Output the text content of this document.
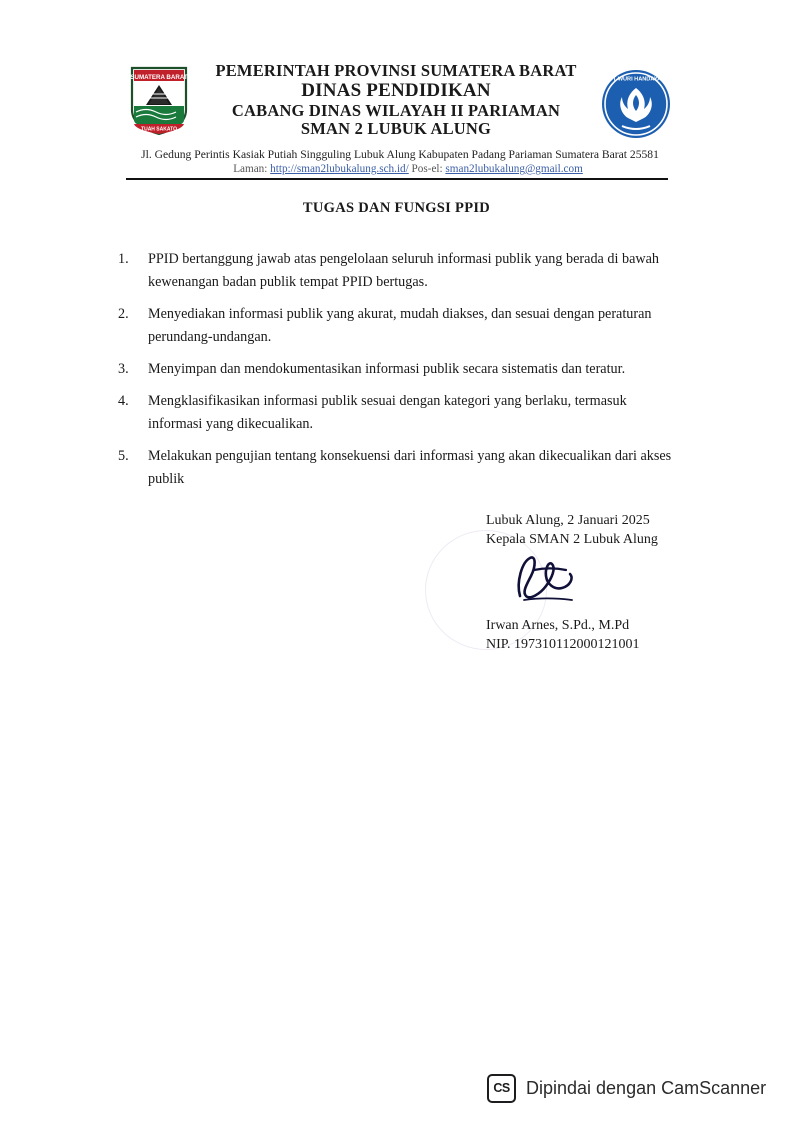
SUMATERA BARAT
TUAH SAKATO
TUT WURI HANDAYANI
PEMERINTAH PROVINSI SUMATERA BARAT
DINAS PENDIDIKAN
CABANG DINAS WILAYAH II PARIAMAN
SMAN 2 LUBUK ALUNG
Jl. Gedung Perintis Kasiak Putiah Singguling Lubuk Alung Kabupaten Padang Pariaman Sumatera Barat 25581
Laman: http://sman2lubukalung.sch.id/ Pos-el: sman2lubukalung@gmail.com
TUGAS DAN FUNGSI PPID
1.	PPID bertanggung jawab atas pengelolaan seluruh informasi publik yang berada di bawah kewenangan badan publik tempat PPID bertugas.
2.	Menyediakan informasi publik yang akurat, mudah diakses, dan sesuai dengan peraturan perundang-undangan.
3.	Menyimpan dan mendokumentasikan informasi publik secara sistematis dan teratur.
4.	Mengklasifikasikan informasi publik sesuai dengan kategori yang berlaku, termasuk informasi yang dikecualikan.
5.	Melakukan pengujian tentang konsekuensi dari informasi yang akan dikecualikan dari akses publik
Lubuk Alung, 2 Januari 2025
Kepala SMAN 2 Lubuk Alung
Irwan Arnes, S.Pd., M.Pd
NIP. 197310112000121001
CS Dipindai dengan CamScanner
